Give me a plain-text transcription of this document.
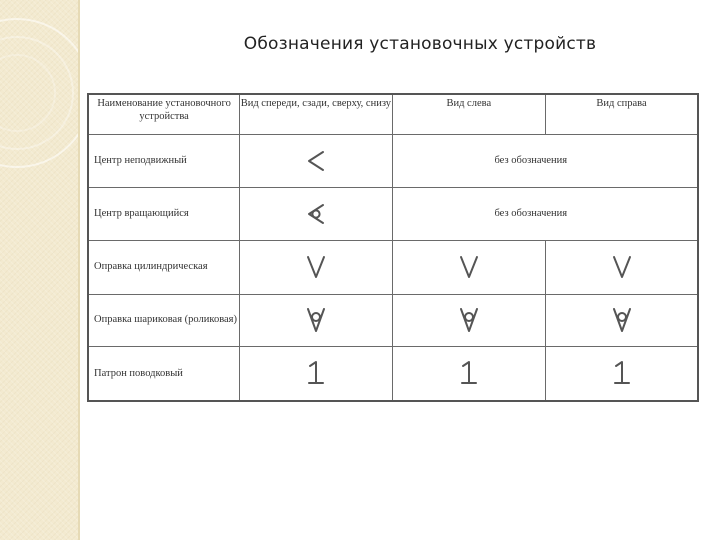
Обозначения установочных устройств
Наименование установочного устройства	Вид спереди, сзади, сверху, снизу	Вид слева	Вид справа
Центр неподвижный		без обозначения	
Центр вращающийся		без обозначения	
Оправка цилиндрическая	

Оправка шариковая (роликовая)	

Патрон поводковый	
